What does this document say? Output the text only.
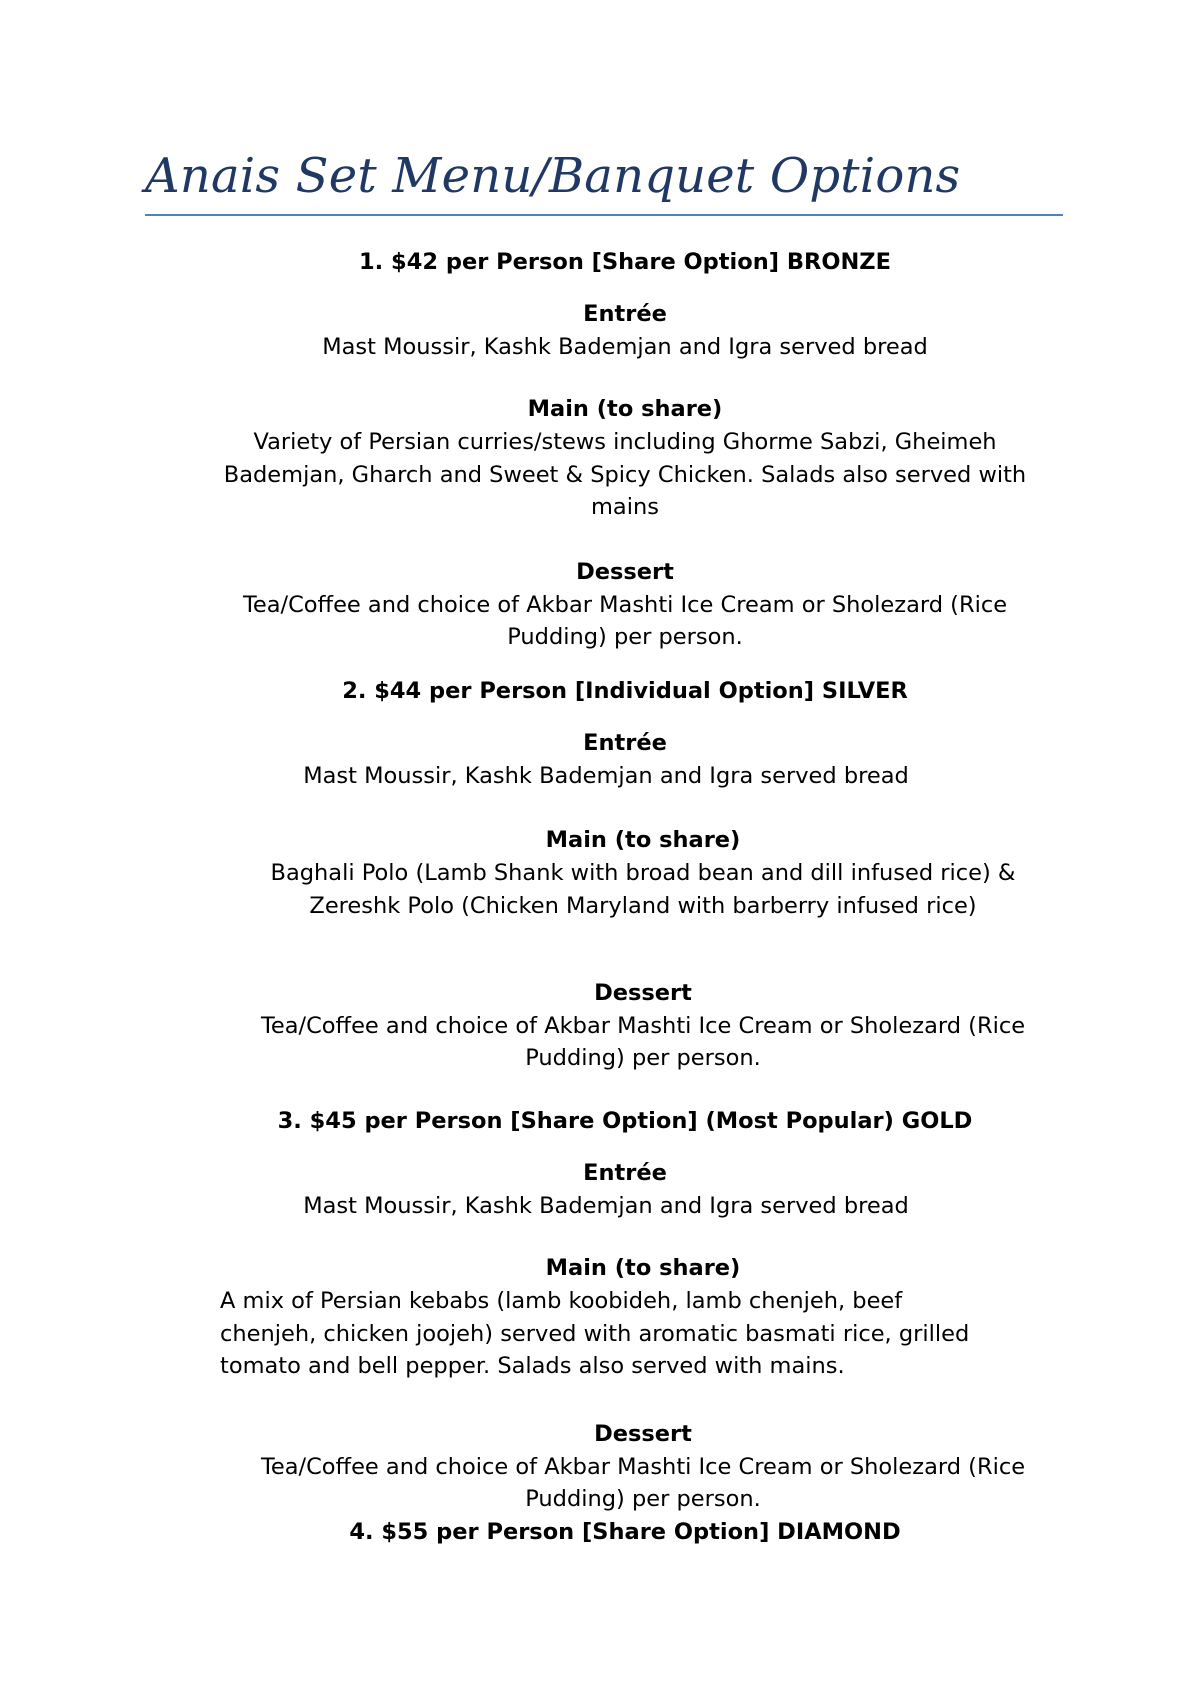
Anais Set Menu/Banquet Options
1. $42 per Person [Share Option] BRONZE
Entrée
Mast Moussir, Kashk Bademjan and Igra served bread
Main (to share)
Variety of Persian curries/stews including Ghorme Sabzi, Gheimeh
Bademjan, Gharch and Sweet & Spicy Chicken. Salads also served with
mains
Dessert
Tea/Coffee and choice of Akbar Mashti Ice Cream or Sholezard (Rice
Pudding) per person.
2. $44 per Person [Individual Option] SILVER
Entrée
Mast Moussir, Kashk Bademjan and Igra served bread
Main (to share)
Baghali Polo (Lamb Shank with broad bean and dill infused rice) &
Zereshk Polo (Chicken Maryland with barberry infused rice)
Dessert
Tea/Coffee and choice of Akbar Mashti Ice Cream or Sholezard (Rice
Pudding) per person.
3. $45 per Person [Share Option] (Most Popular) GOLD
Entrée
Mast Moussir, Kashk Bademjan and Igra served bread
Main (to share)
A mix of Persian kebabs (lamb koobideh, lamb chenjeh, beef
chenjeh, chicken joojeh) served with aromatic basmati rice, grilled
tomato and bell pepper. Salads also served with mains.
Dessert
Tea/Coffee and choice of Akbar Mashti Ice Cream or Sholezard (Rice
Pudding) per person.
4. $55 per Person [Share Option] DIAMOND
